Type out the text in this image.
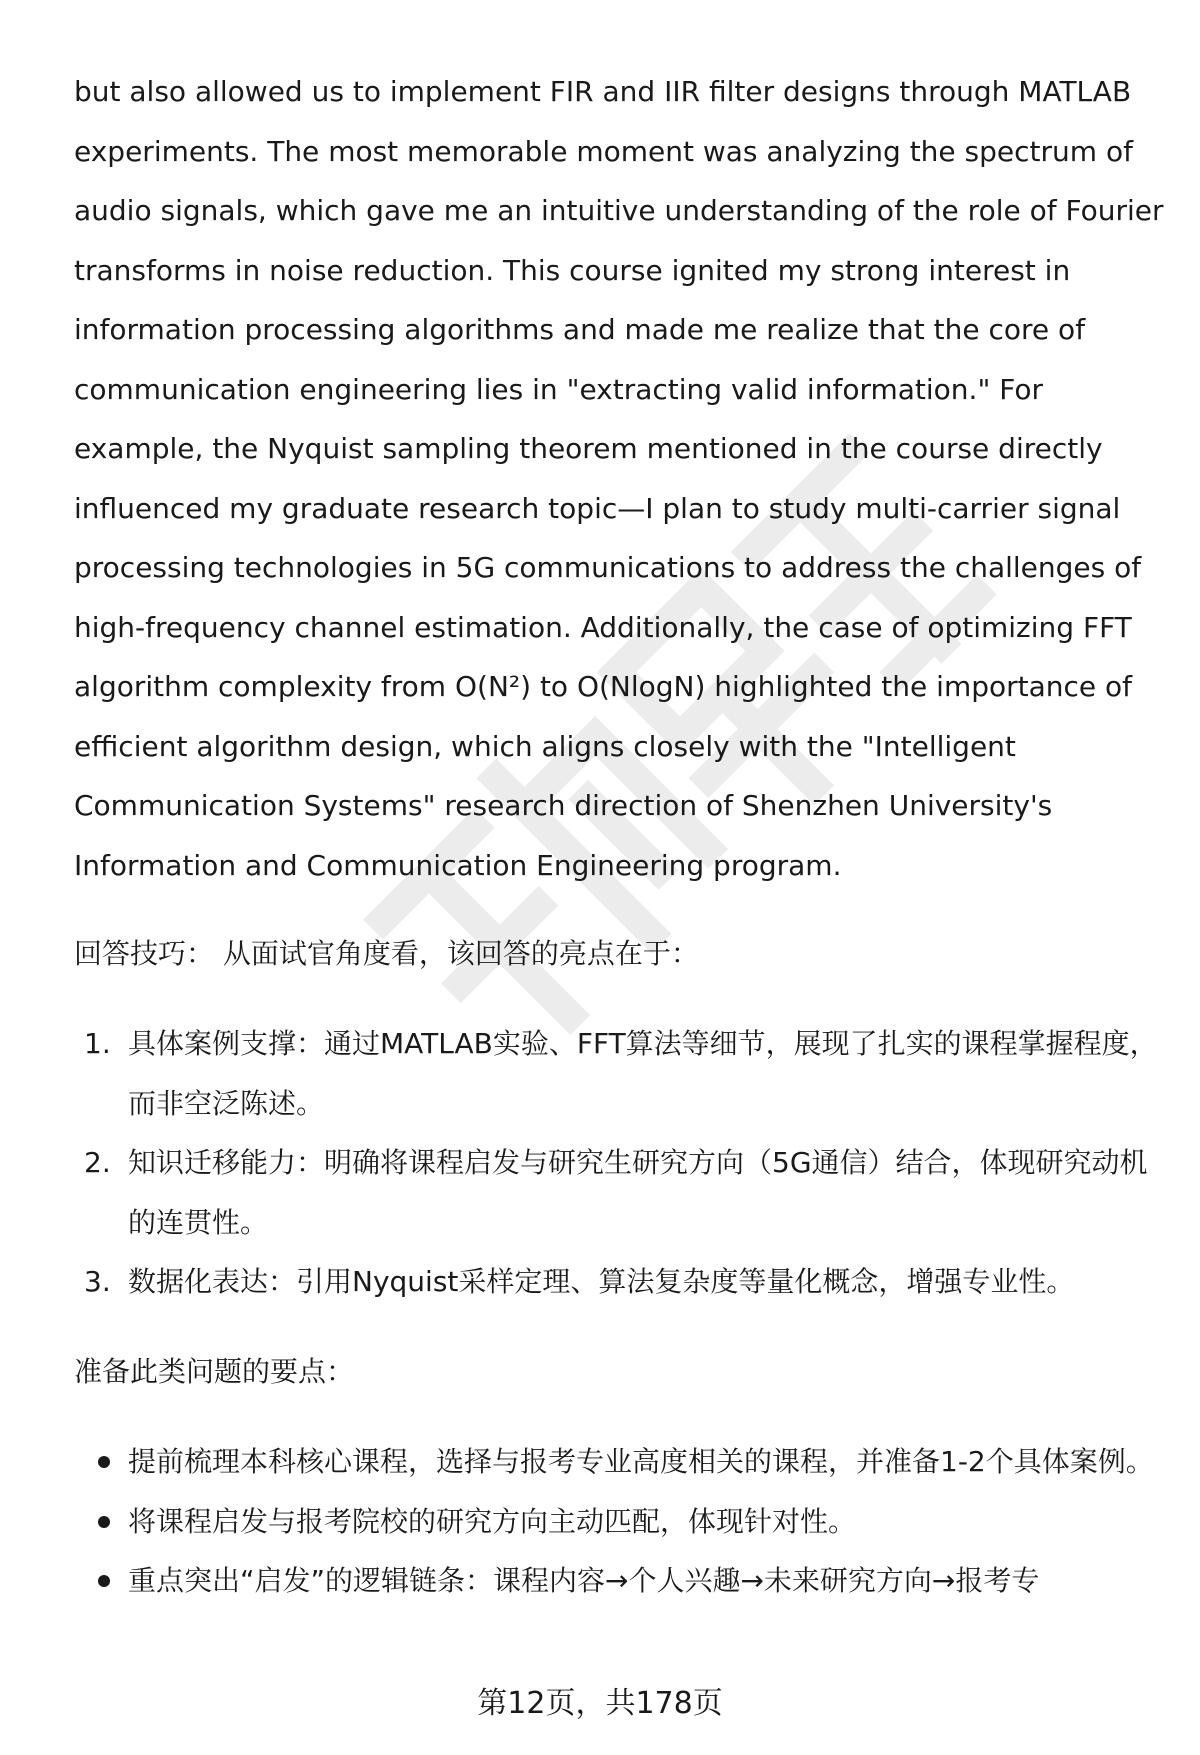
but also allowed us to implement FIR and IIR filter designs through MATLAB experiments. The most memorable moment was analyzing the spectrum of audio signals, which gave me an intuitive understanding of the role of Fourier transforms in noise reduction. This course ignited my strong interest in information processing algorithms and made me realize that the core of communication engineering lies in "extracting valid information." For example, the Nyquist sampling theorem mentioned in the course directly influenced my graduate research topic—I plan to study multi-carrier signal processing technologies in 5G communications to address the challenges of high-frequency channel estimation. Additionally, the case of optimizing FFT algorithm complexity from O(N²) to O(NlogN) highlighted the importance of efficient algorithm design, which aligns closely with the "Intelligent Communication Systems" research direction of Shenzhen University's Information and Communication Engineering program.

回答技巧： 从面试官角度看，该回答的亮点在于：

1. 具体案例支撑：通过MATLAB实验、FFT算法等细节，展现了扎实的课程掌握程度，而非空泛陈述。
2. 知识迁移能力：明确将课程启发与研究生研究方向（5G通信）结合，体现研究动机的连贯性。
3. 数据化表达：引用Nyquist采样定理、算法复杂度等量化概念，增强专业性。

准备此类问题的要点：

提前梳理本科核心课程，选择与报考专业高度相关的课程，并准备1-2个具体案例。
将课程启发与报考院校的研究方向主动匹配，体现针对性。
重点突出“启发”的逻辑链条：课程内容→个人兴趣→未来研究方向→报考专
第12页，共178页
